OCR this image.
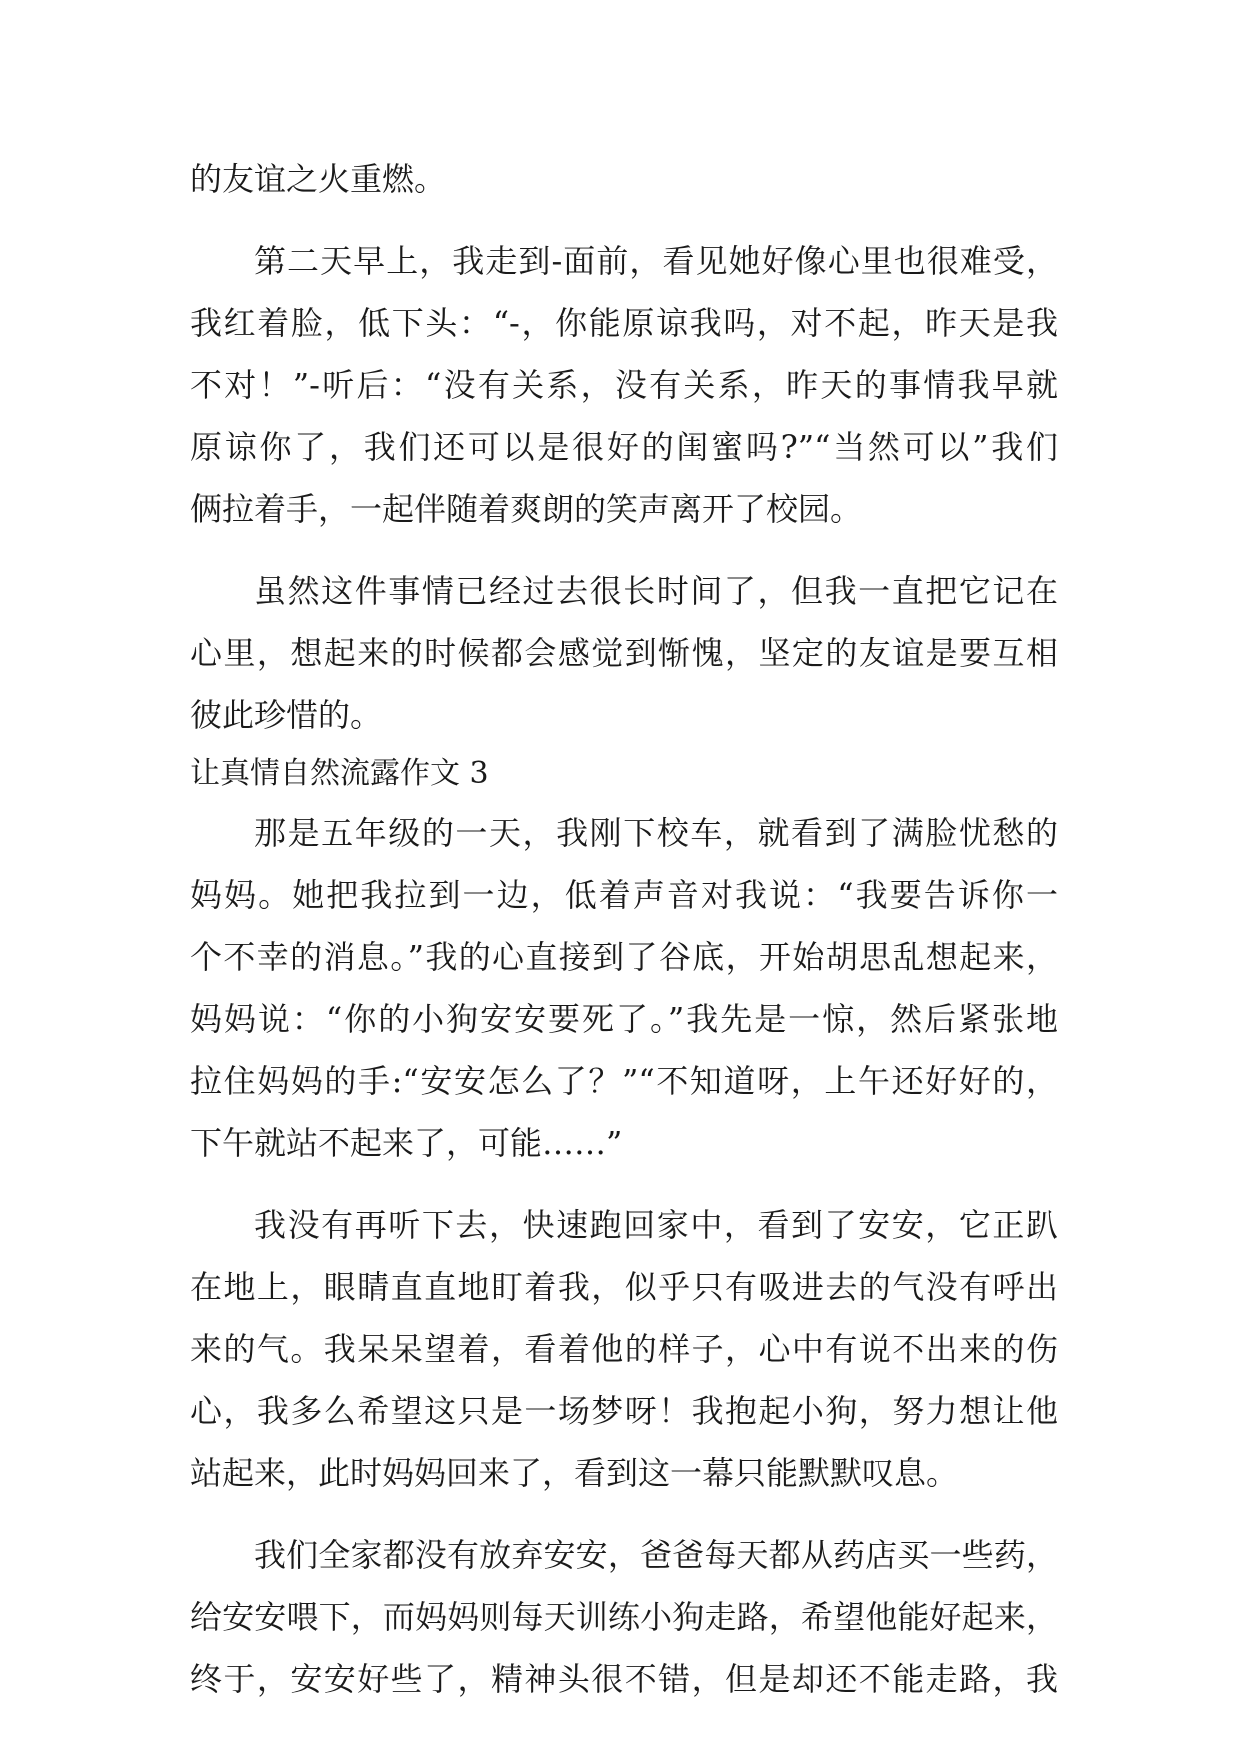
的友谊之火重燃。
第二天早上，我走到-面前，看见她好像心里也很难受，
我红着脸，低下头：“-，你能原谅我吗，对不起，昨天是我
不对！”-听后：“没有关系，没有关系，昨天的事情我早就
原谅你了，我们还可以是很好的闺蜜吗?”“当然可以”我们
俩拉着手，一起伴随着爽朗的笑声离开了校园。
虽然这件事情已经过去很长时间了，但我一直把它记在
心里，想起来的时候都会感觉到惭愧，坚定的友谊是要互相
彼此珍惜的。
让真情自然流露作文 3
那是五年级的一天，我刚下校车，就看到了满脸忧愁的
妈妈。她把我拉到一边，低着声音对我说：“我要告诉你一
个不幸的消息。”我的心直接到了谷底，开始胡思乱想起来，
妈妈说：“你的小狗安安要死了。”我先是一惊，然后紧张地
拉住妈妈的手:“安安怎么了？”“不知道呀，上午还好好的，
下午就站不起来了，可能……”
我没有再听下去，快速跑回家中，看到了安安，它正趴
在地上，眼睛直直地盯着我，似乎只有吸进去的气没有呼出
来的气。我呆呆望着，看着他的样子，心中有说不出来的伤
心，我多么希望这只是一场梦呀！我抱起小狗，努力想让他
站起来，此时妈妈回来了，看到这一幕只能默默叹息。
我们全家都没有放弃安安，爸爸每天都从药店买一些药，
给安安喂下，而妈妈则每天训练小狗走路，希望他能好起来，
终于，安安好些了，精神头很不错，但是却还不能走路，我
